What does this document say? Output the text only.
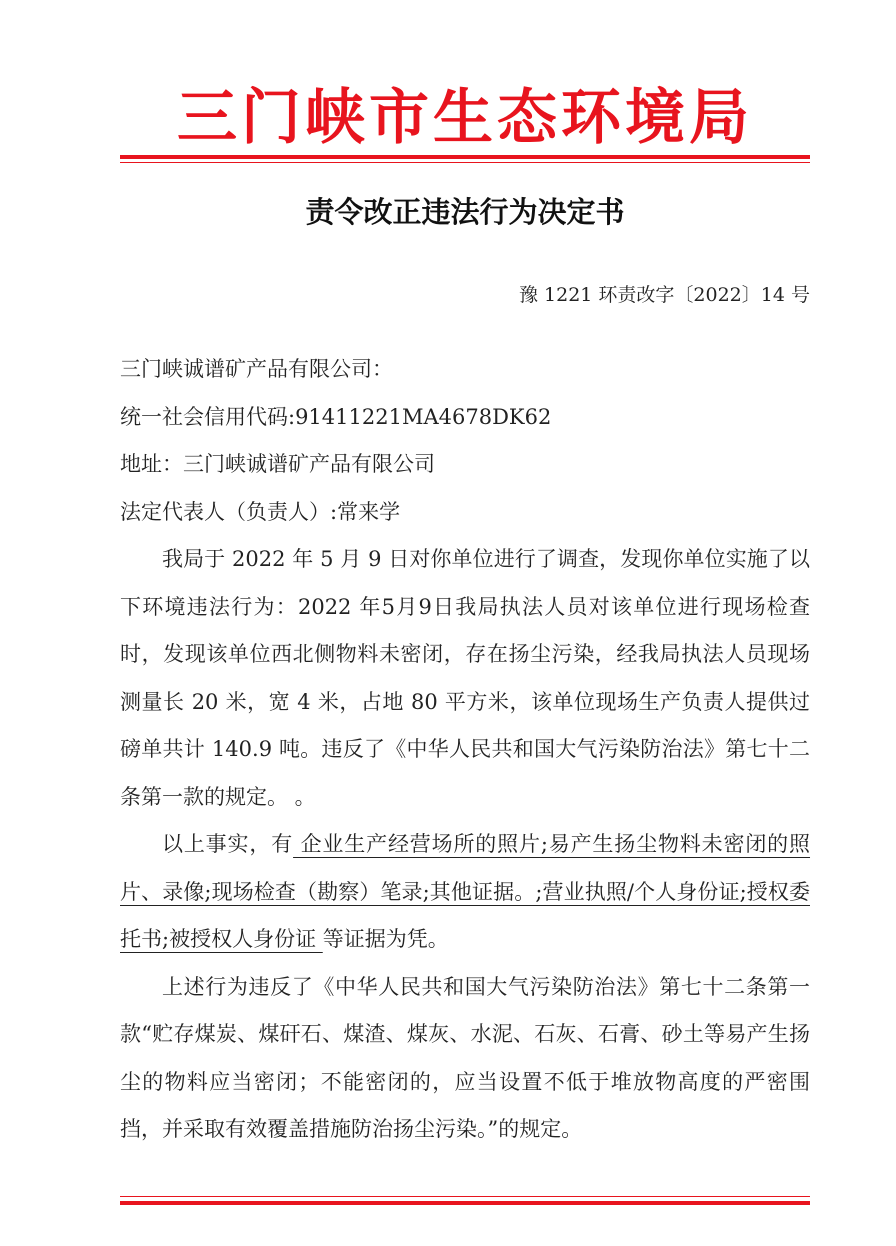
三门峡市生态环境局
责令改正违法行为决定书
豫 1221 环责改字〔2022〕14 号

三门峡诚谱矿产品有限公司：

统一社会信用代码:91411221MA4678DK62

地址：三门峡诚谱矿产品有限公司

法定代表人（负责人）:常来学

我局于 2022 年 5 月 9 日对你单位进行了调查，发现你单位实施了以下环境违法行为：2022 年5月9日我局执法人员对该单位进行现场检查时，发现该单位西北侧物料未密闭，存在扬尘污染，经我局执法人员现场测量长 20 米，宽 4 米，占地 80 平方米，该单位现场生产负责人提供过磅单共计 140.9 吨。违反了《中华人民共和国大气污染防治法》第七十二条第一款的规定。 。

以上事实，有 企业生产经营场所的照片;易产生扬尘物料未密闭的照片、录像;现场检查（勘察）笔录;其他证据。;营业执照/个人身份证;授权委托书;被授权人身份证 等证据为凭。

上述行为违反了《中华人民共和国大气污染防治法》第七十二条第一款“贮存煤炭、煤矸石、煤渣、煤灰、水泥、石灰、石膏、砂土等易产生扬尘的物料应当密闭；不能密闭的，应当设置不低于堆放物高度的严密围挡，并采取有效覆盖措施防治扬尘污染。”的规定。
